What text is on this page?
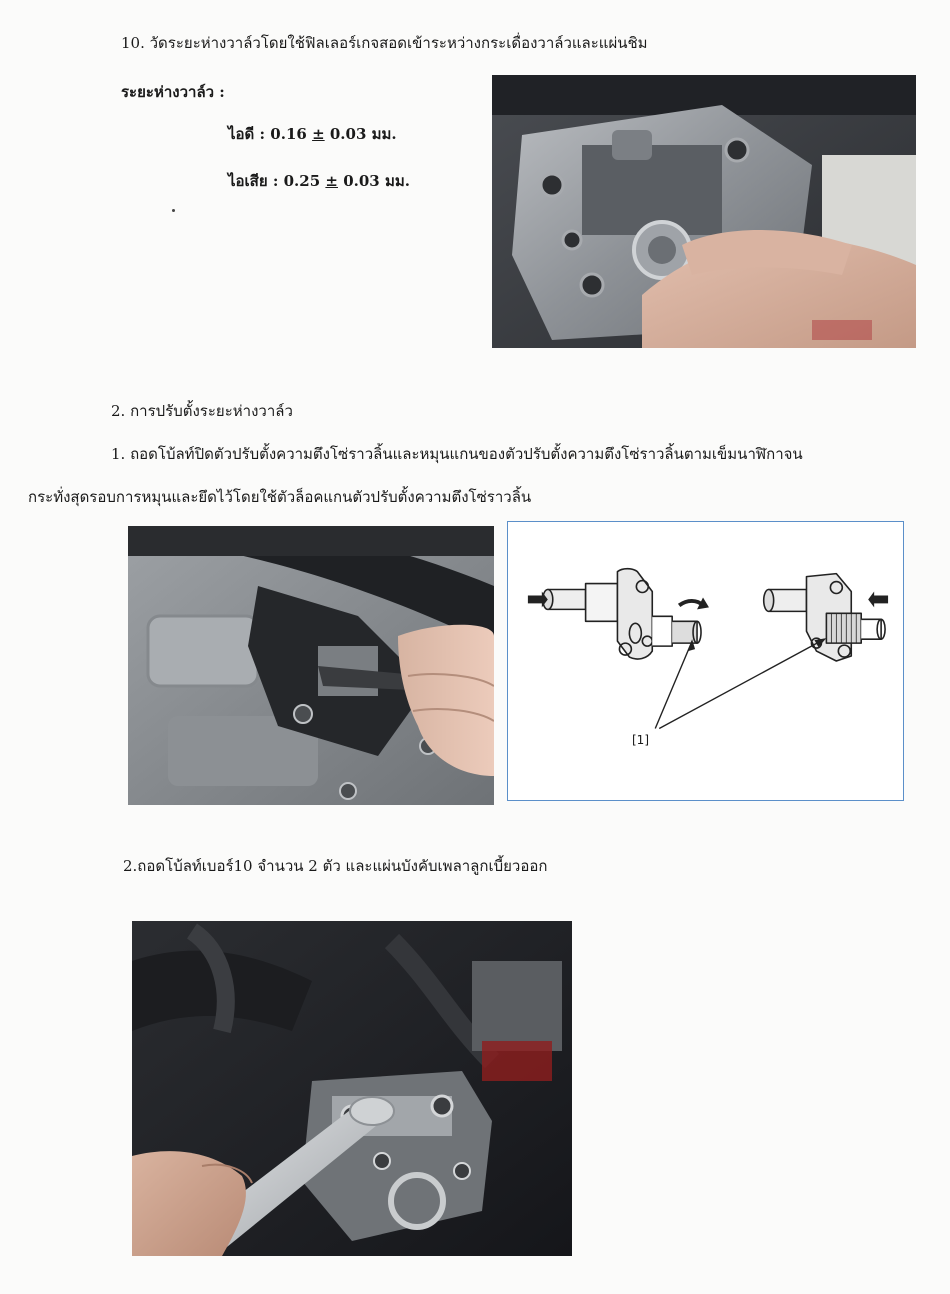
10. วัดระยะห่างวาล์วโดยใช้ฟิลเลอร์เกจสอดเข้าระหว่างกระเดื่องวาล์วและแผ่นชิม
ระยะห่างวาล์ว :
ไอดี : 0.16 ± 0.03 มม.
ไอเสีย : 0.25 ± 0.03 มม.
2. การปรับตั้งระยะห่างวาล์ว
1. ถอดโบ้ลท์ปิดตัวปรับตั้งความตึงโซ่ราวลิ้นและหมุนแกนของตัวปรับตั้งความตึงโซ่ราวลิ้นตามเข็มนาฬิกาจน
กระทั่งสุดรอบการหมุนและยึดไว้โดยใช้ตัวล็อคแกนตัวปรับตั้งความตึงโซ่ราวลิ้น
[1]
2.ถอดโบ้ลท์เบอร์10 จำนวน 2 ตัว และแผ่นบังคับเพลาลูกเบี้ยวออก
